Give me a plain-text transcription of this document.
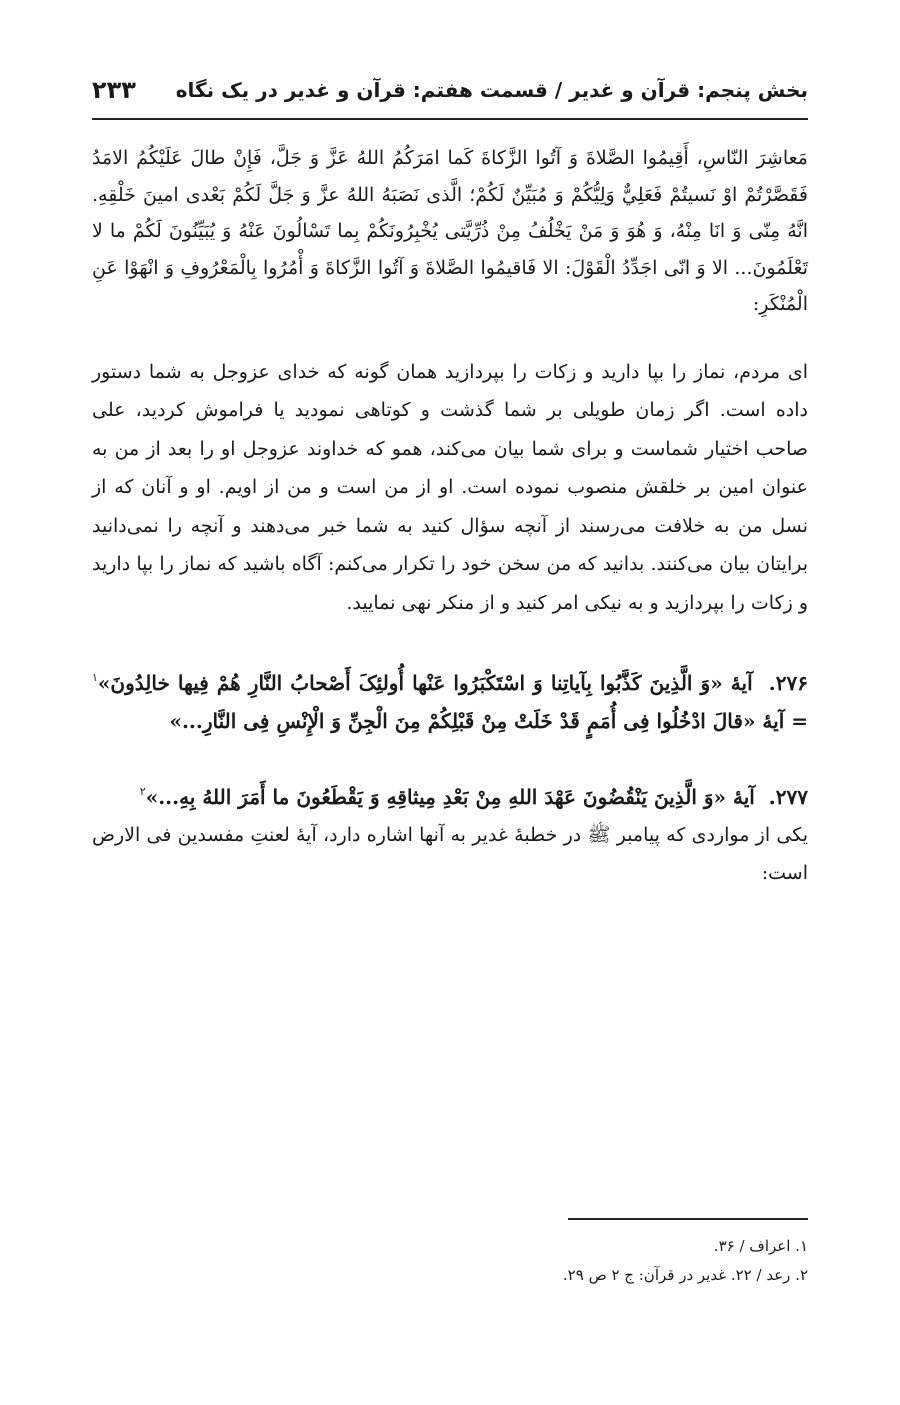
بخش پنجم: قرآن و غدیر / قسمت هفتم: قرآن و غدیر در یک نگاه
۲۳۳

مَعاشِرَ النّاسِ، أَقِيمُوا الصَّلاةَ وَ آتُوا الزَّكاةَ كَما امَرَكُمُ اللهُ عَزَّ وَ جَلَّ، فَإِنْ طالَ عَلَيْكُمُ الامَدُ فَقَصَّرْتُمْ اوْ نَسيتُمْ فَعَلِيٌّ وَلِيُّكُمْ وَ مُبَيِّنٌ لَكُمْ؛ الَّذى نَصَبَهُ اللهُ عزَّ وَ جَلَّ لَكُمْ بَعْدى امينَ خَلْقِهِ. انَّهُ مِنّى وَ انَا مِنْهُ، وَ هُوَ وَ مَنْ يَخْلُفُ مِنْ ذُرِّيَّتى يُخْبِرُونَكُمْ بِما تَسْالُونَ عَنْهُ وَ يُبَيِّنُونَ لَكُمْ ما لا تَعْلَمُونَ... الا وَ انّى اجَدِّدُ الْقَوْلَ: الا فَاقيمُوا الصَّلاةَ وَ آتُوا الزَّكاةَ وَ أْمُرُوا بِالْمَعْرُوفِ وَ انْهَوْا عَنِ الْمُنْكَرِ:

ای مردم، نماز را بپا دارید و زکات را بپردازید همان گونه که خدای عزوجل به شما دستور داده است. اگر زمان طویلی بر شما گذشت و کوتاهی نمودید یا فراموش کردید، علی صاحب اختیار شماست و برای شما بیان می‌کند، همو که خداوند عزوجل او را بعد از من به عنوان امین بر خلقش منصوب نموده است. او از من است و من از اویم. او و آنان که از نسل من به خلافت می‌رسند از آنچه سؤال کنید به شما خبر می‌دهند و آنچه را نمی‌دانید برایتان بیان می‌کنند. بدانید که من سخن خود را تکرار می‌کنم: آگاه باشید که نماز را بپا دارید و زکات را بپردازید و به نیکی امر کنید و از منکر نهی نمایید.

۲۷۶.  آیهٔ «وَ الَّذِینَ کَذَّبُوا بِآیاتِنا وَ اسْتَکْبَرُوا عَنْها أُولئِکَ أَصْحابُ النَّارِ هُمْ فِیها خالِدُونَ»$^۱$ = آیهٔ «قالَ ادْخُلُوا فِی أُمَمٍ قَدْ خَلَتْ مِنْ قَبْلِکُمْ مِنَ الْجِنِّ وَ الْإِنْسِ فِی النَّارِ...»

۲۷۷.  آیهٔ «وَ الَّذِینَ یَنْقُضُونَ عَهْدَ اللهِ مِنْ بَعْدِ مِیثاقِهِ وَ یَقْطَعُونَ ما أَمَرَ اللهُ بِهِ...»$^۲$

یکی از مواردی که پیامبر ﷺ در خطبهٔ غدیر به آنها اشاره دارد، آیهٔ لعنتِ مفسدین فی الارض است:

۱. اعراف / ۳۶.
۲. رعد / ۲۲. غدیر در قرآن: ج ۲ ص ۲۹.
